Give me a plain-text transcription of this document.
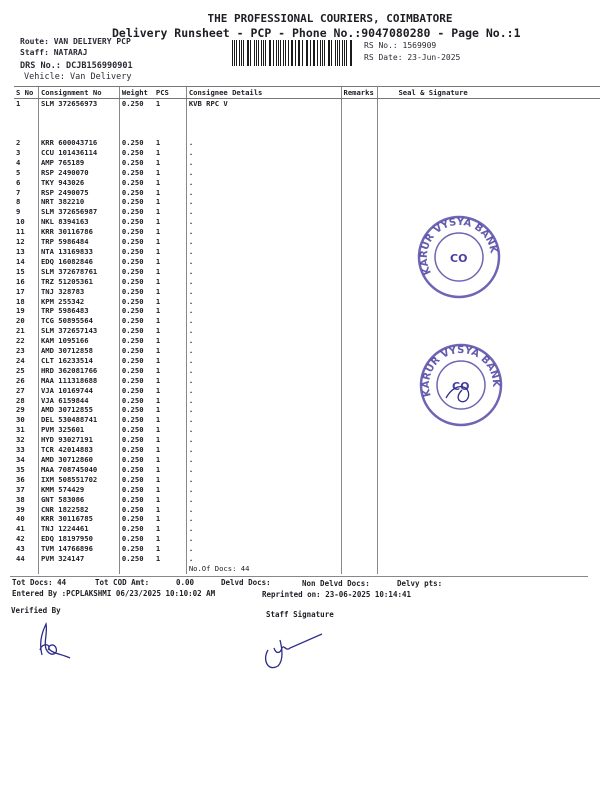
THE PROFESSIONAL COURIERS, COIMBATORE
Delivery Runsheet - PCP - Phone No.:9047080280 - Page No.:1
Route: VAN DELIVERY PCP
Staff: NATARAJ
DRS No.: DCJB156990901
Vehicle: Van Delivery
RS No.: 1569909
RS Date: 23-Jun-2025
S No	Consignment No	Weight	PCS	Consignee Details	Remarks	Seal & Signature
1	SLM 372656973	0.250	1	KVB RPC V		
2	KRR 600043716	0.250	1	.		
3	CCU 101436114	0.250	1	.		
4	AMP 765189	0.250	1	.		
5	RSP 2490070	0.250	1	.		
6	TKY 943026	0.250	1	.		
7	RSP 2490075	0.250	1	.		
8	NRT 382210	0.250	1	.		
9	SLM 372656987	0.250	1	.		
10	NKL 8394163	0.250	1	.		
11	KRR 30116786	0.250	1	.		
12	TRP 5986484	0.250	1	.		
13	NTA 13169833	0.250	1	.		
14	EDQ 16082846	0.250	1	.		
15	SLM 372678761	0.250	1	.		
16	TRZ 51205361	0.250	1	.		
17	TNJ 328783	0.250	1	.		
18	KPM 255342	0.250	1	.		
19	TRP 5986483	0.250	1	.		
20	TCG 50895564	0.250	1	.		
21	SLM 372657143	0.250	1	.		
22	KAM 1095166	0.250	1	.		
23	AMD 30712858	0.250	1	.		
24	CLT 16233514	0.250	1	.		
25	HRD 362081766	0.250	1	.		
26	MAA 111318688	0.250	1	.		
27	VJA 10169744	0.250	1	.		
28	VJA 6159844	0.250	1	.		
29	AMD 30712855	0.250	1	.		
30	DEL 530488741	0.250	1	.		
31	PVM 325601	0.250	1	.		
32	HYD 93027191	0.250	1	.		
33	TCR 42014883	0.250	1	.		
34	AMD 30712860	0.250	1	.		
35	MAA 708745040	0.250	1	.		
36	IXM 508551702	0.250	1	.		
37	KMM 574429	0.250	1	.		
38	GNT 583086	0.250	1	.		
39	CNR 1822582	0.250	1	.		
40	KRR 30116785	0.250	1	.		
41	TNJ 1224461	0.250	1	.		
42	EDQ 18197950	0.250	1	.		
43	TVM 14766896	0.250	1	.		
44	PVM 324147	0.250	1	.		
				No.Of Docs: 44		
Tot Docs: 44	Tot COD Amt:	0.00	Delvd Docs:	Non Delvd Docs:	Delvy pts:
Entered By :PCPLAKSHMI 06/23/2025 10:10:02 AM	Reprinted on: 23-06-2025 10:14:41
Verified By	Staff Signature
KARUR VYSYA BANK
CO
KARUR VYSYA BANK
CO
